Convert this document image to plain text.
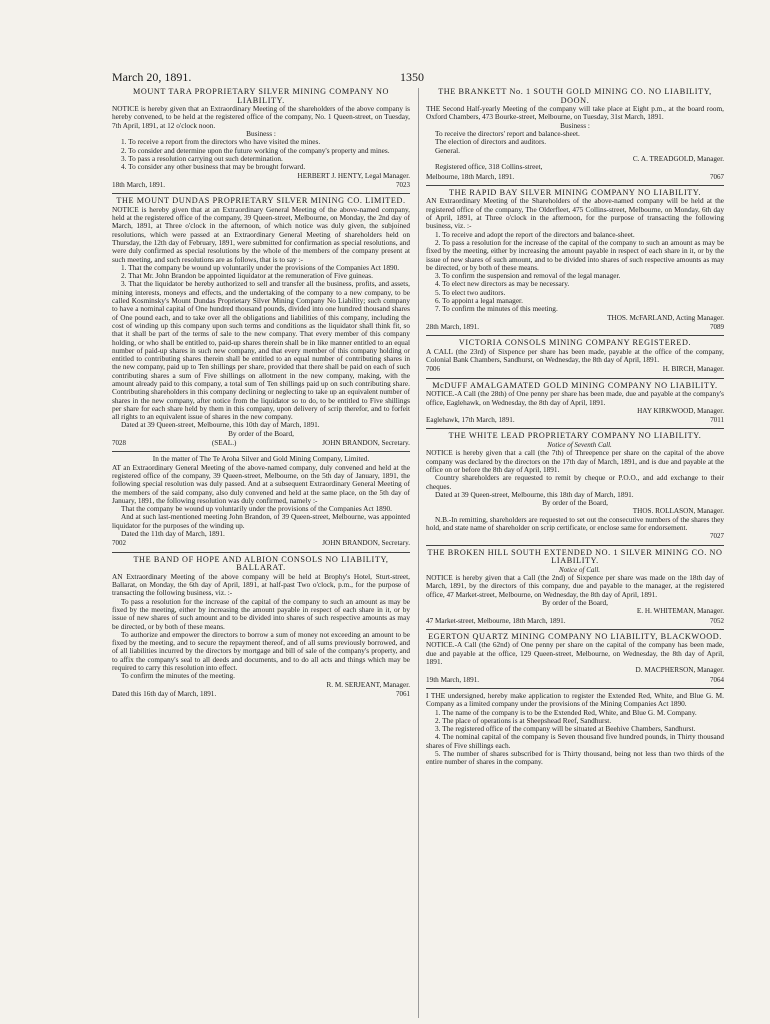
March 20, 1891.	1350
MOUNT TARA PROPRIETARY SILVER MINING COMPANY NO LIABILITY.

NOTICE is hereby given that an Extraordinary Meeting of the shareholders of the above company is hereby convened, to be held at the registered office of the company, No. 1 Queen-street, on Tuesday, 7th April, 1891, at 12 o'clock noon.

Business :

1. To receive a report from the directors who have visited the mines.

2. To consider and determine upon the future working of the company's property and mines.

3. To pass a resolution carrying out such determination.

4. To consider any other business that may be brought forward.

HERBERT J. HENTY, Legal Manager.

18th March, 1891.	7023
THE MOUNT DUNDAS PROPRIETARY SILVER MINING CO. LIMITED.

NOTICE is hereby given that at an Extraordinary General Meeting of the above-named company, held at the registered office of the company, 39 Queen-street, Melbourne, on Monday, the 2nd day of March, 1891, at Three o'clock in the afternoon, of which notice was duly given, the subjoined resolutions, which were passed at an Extraordinary General Meeting of shareholders held on Thursday, the 12th day of February, 1891, were submitted for confirmation as special resolutions, and were duly confirmed as special resolutions by the whole of the members of the company present at such meeting, and such resolutions are as follows, that is to say :-

1. That the company be wound up voluntarily under the provisions of the Companies Act 1890.

2. That Mr. John Brandon be appointed liquidator at the remuneration of Five guineas.

3. That the liquidator be hereby authorized to sell and transfer all the business, profits, and assets, mining interests, moneys and effects, and the undertaking of the company to a new company, to be called Kosminsky's Mount Dundas Proprietary Silver Mining Company No Liability; such company to have a nominal capital of One hundred thousand pounds, divided into one hundred thousand shares of One pound each, and to take over all the obligations and liabilities of this company, including the cost of winding up this company upon such terms and conditions as the liquidator shall think fit, so that it shall be part of the terms of sale to the new company. That every member of this company holding, or who shall be entitled to, paid-up shares therein shall be in like manner entitled to an equal number of paid-up shares in such new company, and that every member of this company holding or entitled to contributing shares therein shall be entitled to an equal number of contributing shares in the new company, paid up to Ten shillings per share, provided that there shall be paid on each of such contributing shares a sum of Five shillings on allotment in the new company, making, with the amount already paid to this company, a total sum of Ten shillings paid up on such contributing share. Contributing shareholders in this company declining or neglecting to take up an equivalent number of shares in the new company, after notice from the liquidator so to do, to be entitled to Five shillings per share for each share held by them in this company, upon delivery of scrip therefor, and to forfeit all rights to an equivalent issue of shares in the new company.

Dated at 39 Queen-street, Melbourne, this 10th day of March, 1891.

By order of the Board,

7028	(SEAL.)	JOHN BRANDON, Secretary.

In the matter of The Te Aroha Silver and Gold Mining Company, Limited.

AT an Extraordinary General Meeting of the above-named company, duly convened and held at the registered office of the company, 39 Queen-street, Melbourne, on the 5th day of January, 1891, the following special resolution was duly passed. And at a subsequent Extraordinary General Meeting of the members of the said company, also duly convened and held at the same place, on the 5th day of January, 1891, the following resolution was duly confirmed, namely :-

That the company be wound up voluntarily under the provisions of the Companies Act 1890.

And at such last-mentioned meeting John Brandon, of 39 Queen-street, Melbourne, was appointed liquidator for the purposes of the winding up.

Dated the 11th day of March, 1891.

7002	JOHN BRANDON, Secretary.
THE BAND OF HOPE AND ALBION CONSOLS NO LIABILITY, BALLARAT.

AN Extraordinary Meeting of the above company will be held at Brophy's Hotel, Sturt-street, Ballarat, on Monday, the 6th day of April, 1891, at half-past Two o'clock, p.m., for the purpose of transacting the following business, viz. :-

To pass a resolution for the increase of the capital of the company to such an amount as may be fixed by the meeting, either by increasing the amount payable in respect of each share in it, or by issue of new shares of such amount and to be divided into shares of such respective amounts as may be directed, or by both of these means.

To authorize and empower the directors to borrow a sum of money not exceeding an amount to be fixed by the meeting, and to secure the repayment thereof, and of all sums previously borrowed, and of all liabilities incurred by the directors by mortgage and bill of sale of the company's property, and to affix the company's seal to all deeds and documents, and to do all acts and things which may be required to carry this resolution into effect.

To confirm the minutes of the meeting.

R. M. SERJEANT, Manager.

Dated this 16th day of March, 1891.	7061
THE BRANKETT No. 1 SOUTH GOLD MINING CO. NO LIABILITY, DOON.

THE Second Half-yearly Meeting of the company will take place at Eight p.m., at the board room, Oxford Chambers, 473 Bourke-street, Melbourne, on Tuesday, 31st March, 1891.

Business :

To receive the directors' report and balance-sheet.

The election of directors and auditors.

General.

C. A. TREADGOLD, Manager.

Registered office, 318 Collins-street,

Melbourne, 18th March, 1891.	7067
THE RAPID BAY SILVER MINING COMPANY NO LIABILITY.

AN Extraordinary Meeting of the Shareholders of the above-named company will be held at the registered office of the company, The Olderfleet, 475 Collins-street, Melbourne, on Monday, 6th day of April, 1891, at Three o'clock in the afternoon, for the purpose of transacting the following business, viz. :-

1. To receive and adopt the report of the directors and balance-sheet.

2. To pass a resolution for the increase of the capital of the company to such an amount as may be fixed by the meeting, either by increasing the amount payable in respect of each share in it, or by the issue of new shares of such amount, and to be divided into shares of such respective amounts as may be directed, or by both of these means.

3. To confirm the suspension and removal of the legal manager.

4. To elect new directors as may be necessary.

5. To elect two auditors.

6. To appoint a legal manager.

7. To confirm the minutes of this meeting.

THOS. McFARLAND, Acting Manager.

28th March, 1891.	7089
VICTORIA CONSOLS MINING COMPANY REGISTERED.

A CALL (the 23rd) of Sixpence per share has been made, payable at the office of the company, Colonial Bank Chambers, Sandhurst, on Wednesday, the 8th day of April, 1891.

7006	H. BIRCH, Manager.
McDUFF AMALGAMATED GOLD MINING COMPANY NO LIABILITY.

NOTICE.-A Call (the 28th) of One penny per share has been made, due and payable at the company's office, Eaglehawk, on Wednesday, the 8th day of April, 1891.

HAY KIRKWOOD, Manager.

Eaglehawk, 17th March, 1891.	7011
THE WHITE LEAD PROPRIETARY COMPANY NO LIABILITY.

Notice of Seventh Call.

NOTICE is hereby given that a call (the 7th) of Threepence per share on the capital of the above company was declared by the directors on the 17th day of March, 1891, and is due and payable at the office on or before the 8th day of April, 1891.

Country shareholders are requested to remit by cheque or P.O.O., and add exchange to their cheques.

Dated at 39 Queen-street, Melbourne, this 18th day of March, 1891.

By order of the Board,

THOS. ROLLASON, Manager.

N.B.-In remitting, shareholders are requested to set out the consecutive numbers of the shares they hold, and state name of shareholder on scrip certificate, or enclose same for endorsement.

7027

THE BROKEN HILL SOUTH EXTENDED NO. 1 SILVER MINING CO. NO LIABILITY.

Notice of Call.

NOTICE is hereby given that a Call (the 2nd) of Sixpence per share was made on the 18th day of March, 1891, by the directors of this company, due and payable to the manager, at the registered office, 47 Market-street, Melbourne, on Wednesday, the 8th day of April, 1891.

By order of the Board,

E. H. WHITEMAN, Manager.

47 Market-street, Melbourne, 18th March, 1891.	7052
EGERTON QUARTZ MINING COMPANY NO LIABILITY, BLACKWOOD.

NOTICE.-A Call (the 62nd) of One penny per share on the capital of the company has been made, due and payable at the office, 129 Queen-street, Melbourne, on Wednesday, the 8th day of April, 1891.

D. MACPHERSON, Manager.

19th March, 1891.	7064

I THE undersigned, hereby make application to register the Extended Red, White, and Blue G. M. Company as a limited company under the provisions of the Mining Companies Act 1890.

1. The name of the company is to be the Extended Red, White, and Blue G. M. Company.

2. The place of operations is at Sheepshead Reef, Sandhurst.

3. The registered office of the company will be situated at Beehive Chambers, Sandhurst.

4. The nominal capital of the company is Seven thousand five hundred pounds, in Thirty thousand shares of Five shillings each.

5. The number of shares subscribed for is Thirty thousand, being not less than two thirds of the entire number of shares in the company.
